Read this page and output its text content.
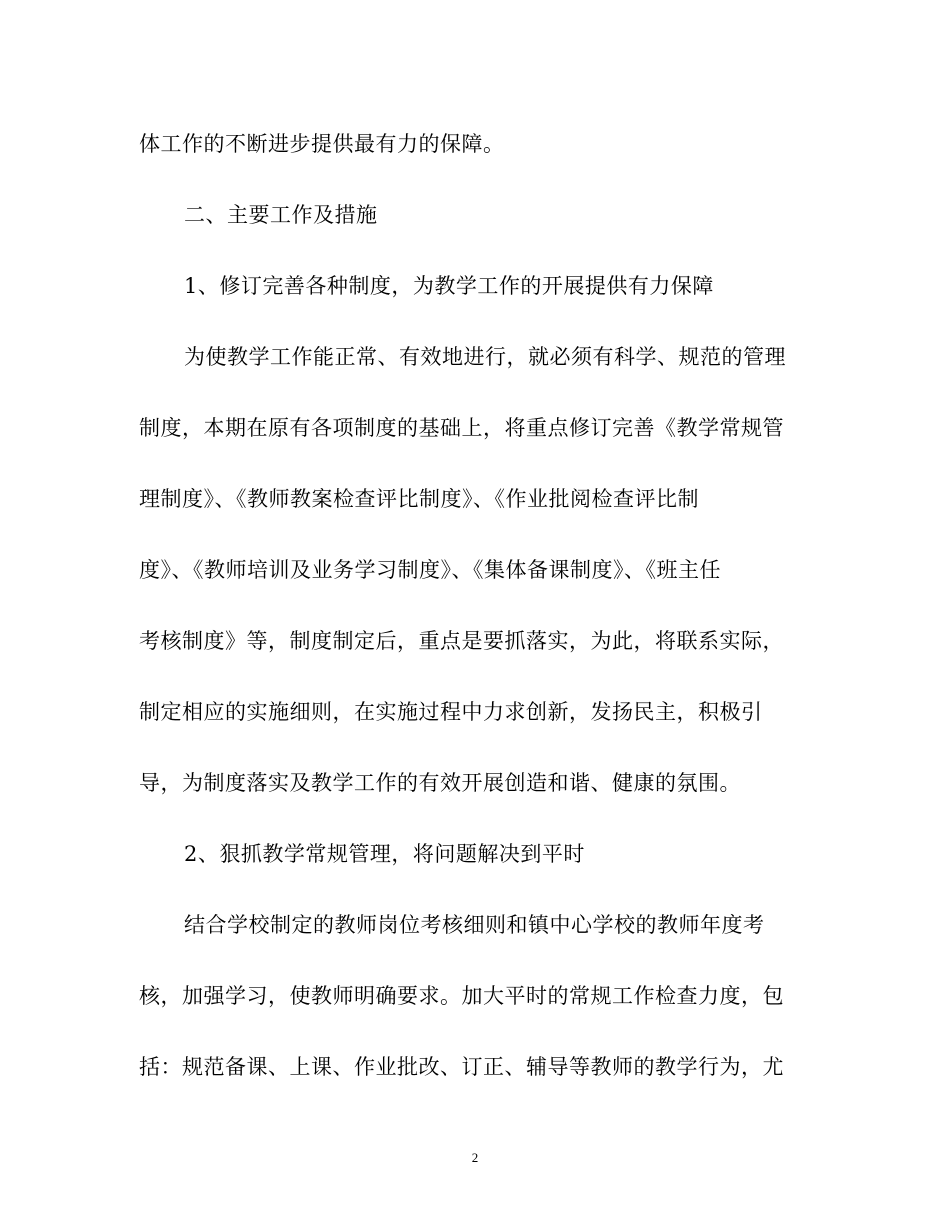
体工作的不断进步提供最有力的保障。
二、主要工作及措施
1、修订完善各种制度，为教学工作的开展提供有力保障
为使教学工作能正常、有效地进行，就必须有科学、规范的管理
制度，本期在原有各项制度的基础上，将重点修订完善《教学常规管
理制度》、《教师教案检查评比制度》、《作业批阅检查评比制
度》、《教师培训及业务学习制度》、《集体备课制度》、《班主任
考核制度》等，制度制定后，重点是要抓落实，为此，将联系实际，
制定相应的实施细则，在实施过程中力求创新，发扬民主，积极引
导，为制度落实及教学工作的有效开展创造和谐、健康的氛围。
2、狠抓教学常规管理，将问题解决到平时
结合学校制定的教师岗位考核细则和镇中心学校的教师年度考
核，加强学习，使教师明确要求。加大平时的常规工作检查力度，包
括：规范备课、上课、作业批改、订正、辅导等教师的教学行为，尤
2
